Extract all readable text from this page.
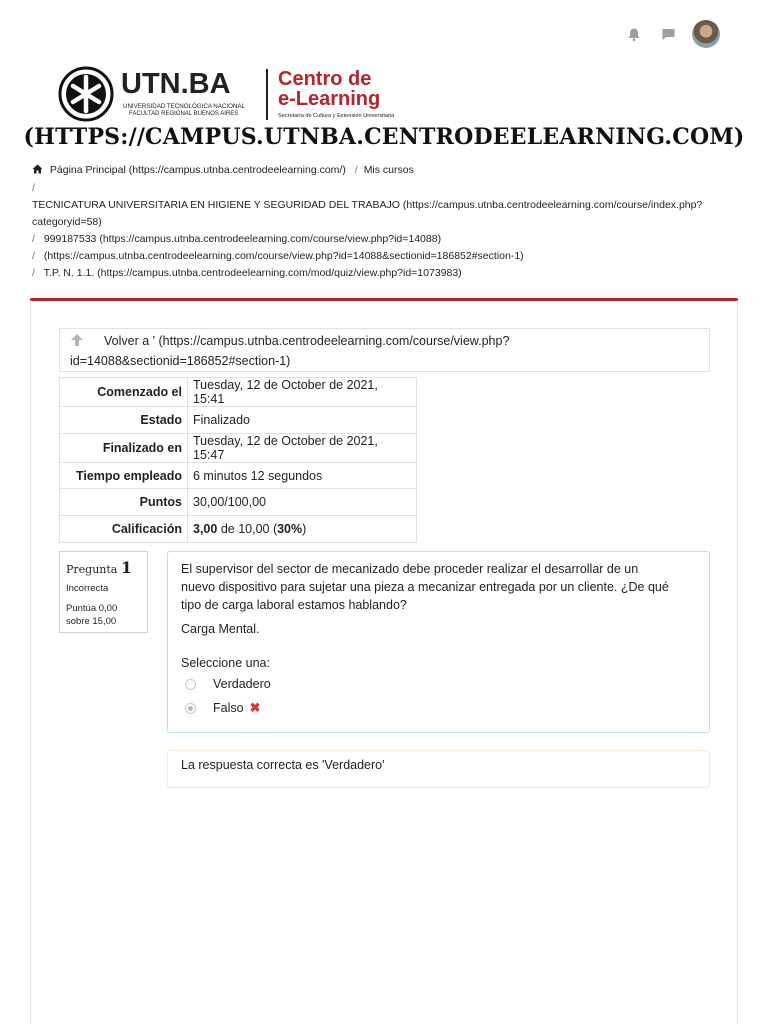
UTN.BA
UNIVERSIDAD TECNOLÓGICA NACIONAL
FACULTAD REGIONAL BUENOS AIRES
Centro de
e-Learning
Secretaría de Cultura y Extensión Universitaria
(HTTPS://CAMPUS.UTNBA.CENTRODEELEARNING.COM)
Página Principal (https://campus.utnba.centrodeelearning.com/) / Mis cursos
/
TECNICATURA UNIVERSITARIA EN HIGIENE Y SEGURIDAD DEL TRABAJO (https://campus.utnba.centrodeelearning.com/course/index.php?
categoryid=58)
/ 999187533 (https://campus.utnba.centrodeelearning.com/course/view.php?id=14088)
/ (https://campus.utnba.centrodeelearning.com/course/view.php?id=14088&sectionid=186852#section-1)
/ T.P. N. 1.1. (https://campus.utnba.centrodeelearning.com/mod/quiz/view.php?id=1073983)
Volver a ' (https://campus.utnba.centrodeelearning.com/course/view.php?
id=14088&sectionid=186852#section-1)
Comenzado el	Tuesday, 12 de October de 2021, 15:41
Estado	Finalizado
Finalizado en	Tuesday, 12 de October de 2021, 15:47
Tiempo empleado	6 minutos 12 segundos
Puntos	30,00/100,00
Calificación	3,00 de 10,00 (30%)
Pregunta 1
Incorrecta
Puntúa 0,00
sobre 15,00

El supervisor del sector de mecanizado debe proceder realizar el desarrollar de un

nuevo dispositivo para sujetar una pieza a mecanizar entregada por un cliente. ¿De qué

tipo de carga laboral estamos hablando?

Carga Mental.

Seleccione una:
Verdadero
Falso ✖
La respuesta correcta es 'Verdadero'
